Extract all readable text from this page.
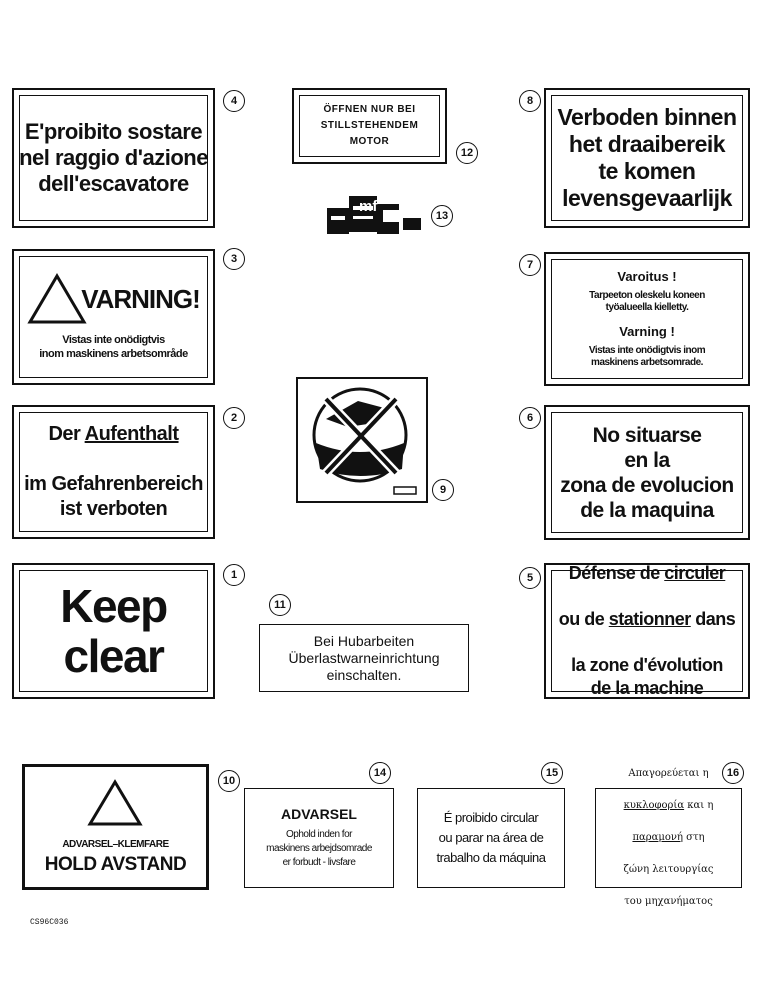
E'proibito sostare
nel raggio d'azione
dell'escavatore
4
ÖFFNEN NUR BEI
STILLSTEHENDEM
MOTOR
12
mf
13
Verboden binnen
het draaibereik
te komen
levensgevaarlijk
8
VARNING!
Vistas inte onödigtvis
inom maskinens arbetsområde
3
Varoitus !
Tarpeeton oleskelu koneen
työalueella kielletty.
Varning !
Vistas inte onödigtvis inom
maskinens arbetsomrade.
7

Der Aufenthalt

im Gefahrenbereich
ist verboten

2
9
No situarse
en la
zona de evolucion
de la maquina
6
Keep
clear
1
11
Bei Hubarbeiten
Überlastwarneinrichtung
einschalten.

Défense de circuler

ou de stationner dans

la zone d'évolution
de la machine

5
ADVARSEL–KLEMFARE
HOLD AVSTAND
10
14
ADVARSEL
Ophold inden for
maskinens arbejdsomrade
er forbudt - livsfare
15
É proibido circular
ou parar na área de
trabalho da máquina
16

Απαγορεύεται η

κυκλοφορία και η

παραμονή στη

ζώνη λειτουργίας

του μηχανήματος

CS96C036
